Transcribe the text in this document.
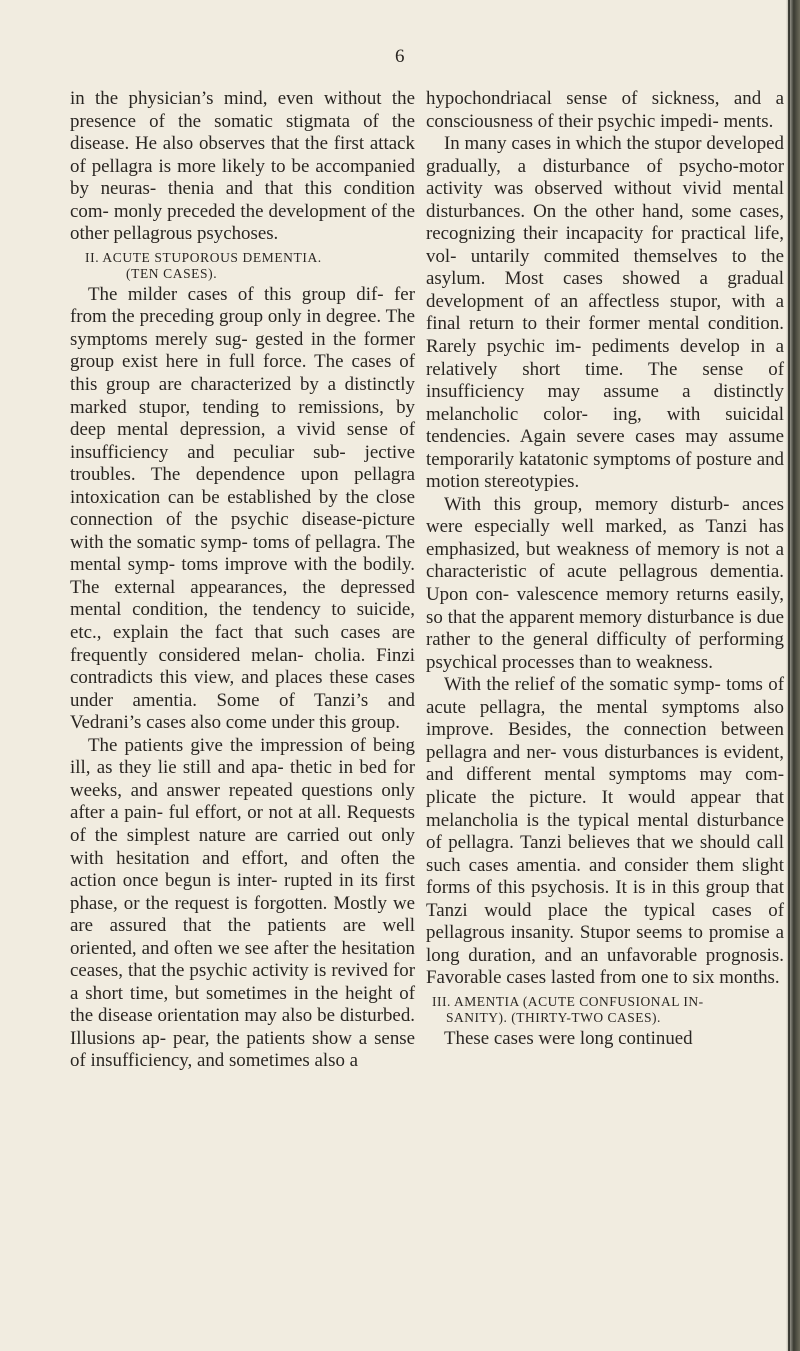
6

in the physician’s mind, even without the presence of the somatic stigmata of the disease. He also observes that the first attack of pellagra is more likely to be accompanied by neuras- thenia and that this condition com- monly preceded the development of the other pellagrous psychoses.

II. ACUTE STUPOROUS DEMENTIA.
(TEN CASES).

The milder cases of this group dif- fer from the preceding group only in degree. The symptoms merely sug- gested in the former group exist here in full force. The cases of this group are characterized by a distinctly marked stupor, tending to remissions, by deep mental depression, a vivid sense of insufficiency and peculiar sub- jective troubles. The dependence upon pellagra intoxication can be established by the close connection of the psychic disease-picture with the somatic symp- toms of pellagra. The mental symp- toms improve with the bodily. The external appearances, the depressed mental condition, the tendency to suicide, etc., explain the fact that such cases are frequently considered melan- cholia. Finzi contradicts this view, and places these cases under amentia. Some of Tanzi’s and Vedrani’s cases also come under this group.

The patients give the impression of being ill, as they lie still and apa- thetic in bed for weeks, and answer repeated questions only after a pain- ful effort, or not at all. Requests of the simplest nature are carried out only with hesitation and effort, and often the action once begun is inter- rupted in its first phase, or the request is forgotten. Mostly we are assured that the patients are well oriented, and often we see after the hesitation ceases, that the psychic activity is revived for a short time, but sometimes in the height of the disease orientation may also be disturbed. Illusions ap- pear, the patients show a sense of insufficiency, and sometimes also a

hypochondriacal sense of sickness, and a consciousness of their psychic impedi- ments.

In many cases in which the stupor developed gradually, a disturbance of psycho-motor activity was observed without vivid mental disturbances. On the other hand, some cases, recognizing their incapacity for practical life, vol- untarily commited themselves to the asylum. Most cases showed a gradual development of an affectless stupor, with a final return to their former mental condition. Rarely psychic im- pediments develop in a relatively short time. The sense of insufficiency may assume a distinctly melancholic color- ing, with suicidal tendencies. Again severe cases may assume temporarily katatonic symptoms of posture and motion stereotypies.

With this group, memory disturb- ances were especially well marked, as Tanzi has emphasized, but weakness of memory is not a characteristic of acute pellagrous dementia. Upon con- valescence memory returns easily, so that the apparent memory disturbance is due rather to the general difficulty of performing psychical processes than to weakness.

With the relief of the somatic symp- toms of acute pellagra, the mental symptoms also improve. Besides, the connection between pellagra and ner- vous disturbances is evident, and different mental symptoms may com- plicate the picture. It would appear that melancholia is the typical mental disturbance of pellagra. Tanzi believes that we should call such cases amentia. and consider them slight forms of this psychosis. It is in this group that Tanzi would place the typical cases of pellagrous insanity. Stupor seems to promise a long duration, and an unfavorable prognosis. Favorable cases lasted from one to six months.

III. AMENTIA (ACUTE CONFUSIONAL IN-
SANITY). (THIRTY-TWO CASES).

These cases were long continued
